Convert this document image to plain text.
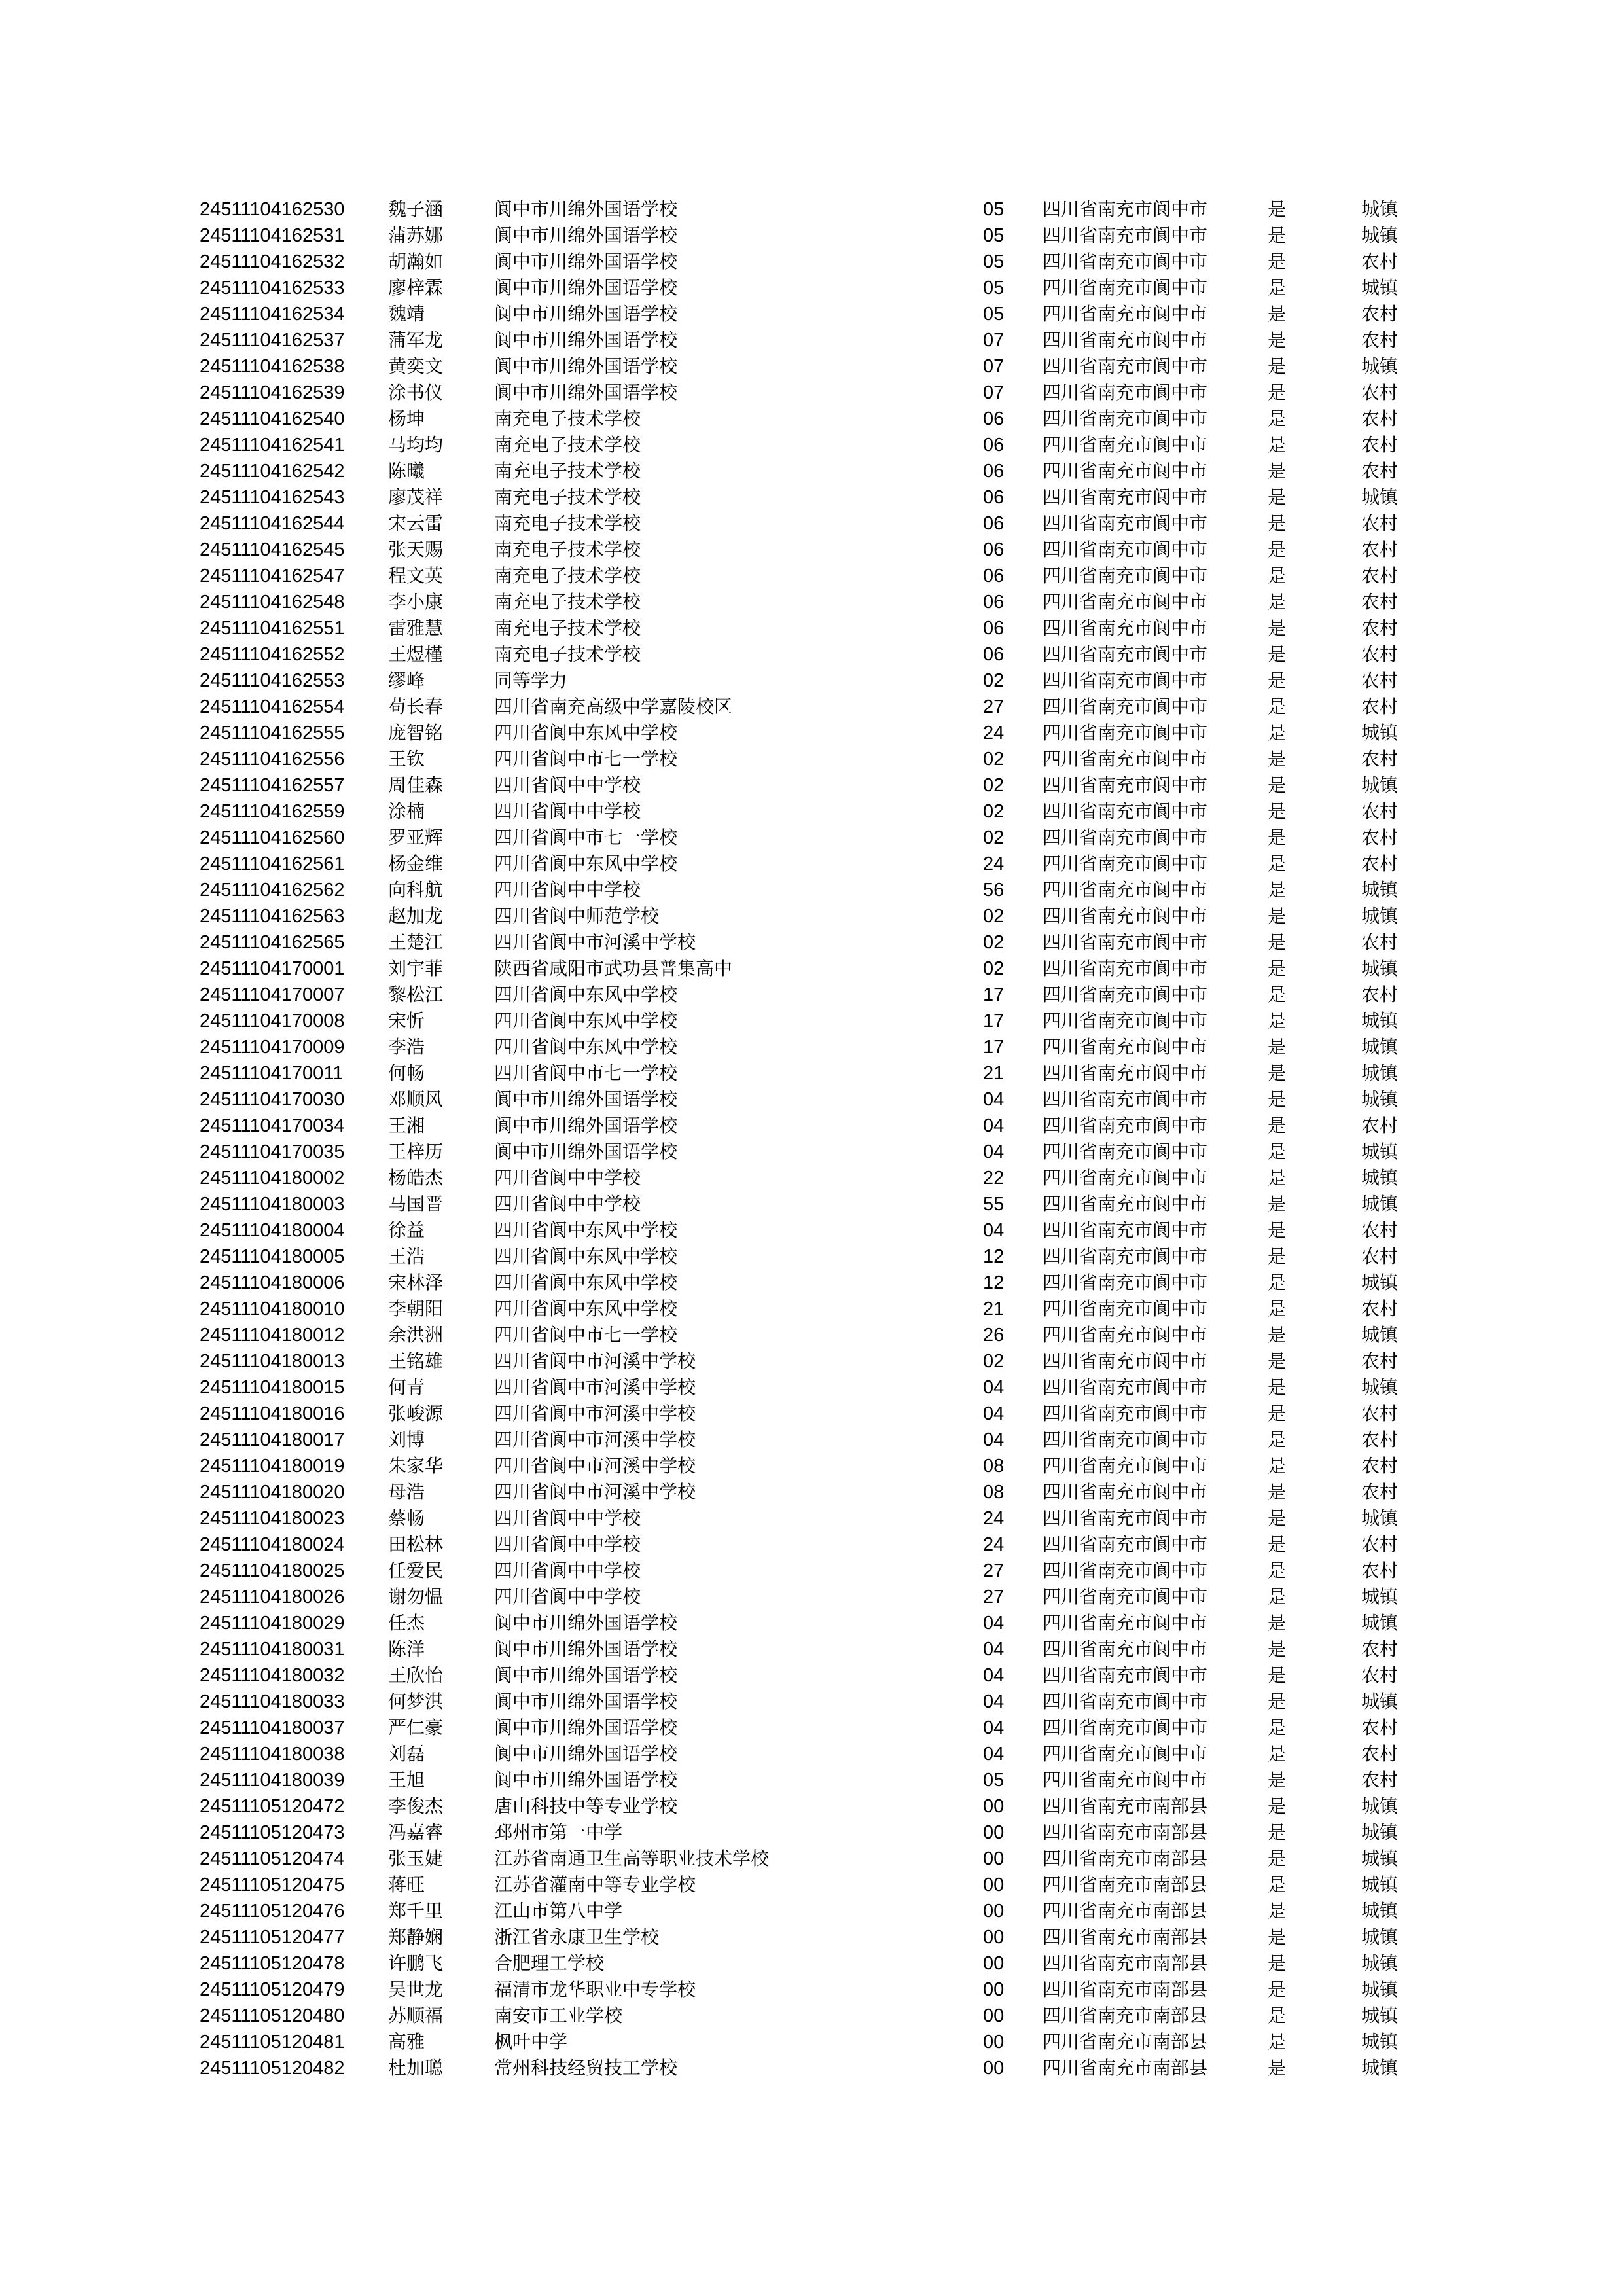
24511104162530 魏子涵	阆中市川绵外国语学校	05 四川省南充市阆中市	是	城镇
24511104162531 蒲苏娜	阆中市川绵外国语学校	05 四川省南充市阆中市	是	城镇
24511104162532 胡瀚如	阆中市川绵外国语学校	05 四川省南充市阆中市	是	农村
24511104162533 廖梓霖	阆中市川绵外国语学校	05 四川省南充市阆中市	是	城镇
24511104162534 魏靖	阆中市川绵外国语学校	05 四川省南充市阆中市	是	农村
24511104162537 蒲军龙	阆中市川绵外国语学校	07 四川省南充市阆中市	是	农村
24511104162538 黄奕文	阆中市川绵外国语学校	07 四川省南充市阆中市	是	城镇
24511104162539 涂书仪	阆中市川绵外国语学校	07 四川省南充市阆中市	是	农村
24511104162540 杨坤	南充电子技术学校	06 四川省南充市阆中市	是	农村
24511104162541 马均均	南充电子技术学校	06 四川省南充市阆中市	是	农村
24511104162542 陈曦	南充电子技术学校	06 四川省南充市阆中市	是	农村
24511104162543 廖茂祥	南充电子技术学校	06 四川省南充市阆中市	是	城镇
24511104162544 宋云雷	南充电子技术学校	06 四川省南充市阆中市	是	农村
24511104162545 张天赐	南充电子技术学校	06 四川省南充市阆中市	是	农村
24511104162547 程文英	南充电子技术学校	06 四川省南充市阆中市	是	农村
24511104162548 李小康	南充电子技术学校	06 四川省南充市阆中市	是	农村
24511104162551 雷雅慧	南充电子技术学校	06 四川省南充市阆中市	是	农村
24511104162552 王煜槿	南充电子技术学校	06 四川省南充市阆中市	是	农村
24511104162553 缪峰	同等学力	02 四川省南充市阆中市	是	农村
24511104162554 苟长春	四川省南充高级中学嘉陵校区	27 四川省南充市阆中市	是	农村
24511104162555 庞智铭	四川省阆中东风中学校	24 四川省南充市阆中市	是	城镇
24511104162556 王钦	四川省阆中市七一学校	02 四川省南充市阆中市	是	农村
24511104162557 周佳森	四川省阆中中学校	02 四川省南充市阆中市	是	城镇
24511104162559 涂楠	四川省阆中中学校	02 四川省南充市阆中市	是	农村
24511104162560 罗亚辉	四川省阆中市七一学校	02 四川省南充市阆中市	是	农村
24511104162561 杨金维	四川省阆中东风中学校	24 四川省南充市阆中市	是	农村
24511104162562 向科航	四川省阆中中学校	56 四川省南充市阆中市	是	城镇
24511104162563 赵加龙	四川省阆中师范学校	02 四川省南充市阆中市	是	城镇
24511104162565 王楚江	四川省阆中市河溪中学校	02 四川省南充市阆中市	是	农村
24511104170001 刘宇菲	陕西省咸阳市武功县普集高中	02 四川省南充市阆中市	是	城镇
24511104170007 黎松江	四川省阆中东风中学校	17 四川省南充市阆中市	是	农村
24511104170008 宋忻	四川省阆中东风中学校	17 四川省南充市阆中市	是	城镇
24511104170009 李浩	四川省阆中东风中学校	17 四川省南充市阆中市	是	城镇
24511104170011 何畅	四川省阆中市七一学校	21 四川省南充市阆中市	是	城镇
24511104170030 邓顺风	阆中市川绵外国语学校	04 四川省南充市阆中市	是	城镇
24511104170034 王湘	阆中市川绵外国语学校	04 四川省南充市阆中市	是	农村
24511104170035 王梓历	阆中市川绵外国语学校	04 四川省南充市阆中市	是	城镇
24511104180002 杨皓杰	四川省阆中中学校	22 四川省南充市阆中市	是	城镇
24511104180003 马国晋	四川省阆中中学校	55 四川省南充市阆中市	是	城镇
24511104180004 徐益	四川省阆中东风中学校	04 四川省南充市阆中市	是	农村
24511104180005 王浩	四川省阆中东风中学校	12 四川省南充市阆中市	是	农村
24511104180006 宋林泽	四川省阆中东风中学校	12 四川省南充市阆中市	是	城镇
24511104180010 李朝阳	四川省阆中东风中学校	21 四川省南充市阆中市	是	农村
24511104180012 余洪洲	四川省阆中市七一学校	26 四川省南充市阆中市	是	城镇
24511104180013 王铭雄	四川省阆中市河溪中学校	02 四川省南充市阆中市	是	农村
24511104180015 何青	四川省阆中市河溪中学校	04 四川省南充市阆中市	是	城镇
24511104180016 张峻源	四川省阆中市河溪中学校	04 四川省南充市阆中市	是	农村
24511104180017 刘博	四川省阆中市河溪中学校	04 四川省南充市阆中市	是	农村
24511104180019 朱家华	四川省阆中市河溪中学校	08 四川省南充市阆中市	是	农村
24511104180020 母浩	四川省阆中市河溪中学校	08 四川省南充市阆中市	是	农村
24511104180023 蔡畅	四川省阆中中学校	24 四川省南充市阆中市	是	城镇
24511104180024 田松林	四川省阆中中学校	24 四川省南充市阆中市	是	农村
24511104180025 任爱民	四川省阆中中学校	27 四川省南充市阆中市	是	农村
24511104180026 谢勿愠	四川省阆中中学校	27 四川省南充市阆中市	是	城镇
24511104180029 任杰	阆中市川绵外国语学校	04 四川省南充市阆中市	是	城镇
24511104180031 陈洋	阆中市川绵外国语学校	04 四川省南充市阆中市	是	农村
24511104180032 王欣怡	阆中市川绵外国语学校	04 四川省南充市阆中市	是	农村
24511104180033 何梦淇	阆中市川绵外国语学校	04 四川省南充市阆中市	是	城镇
24511104180037 严仁豪	阆中市川绵外国语学校	04 四川省南充市阆中市	是	农村
24511104180038 刘磊	阆中市川绵外国语学校	04 四川省南充市阆中市	是	农村
24511104180039 王旭	阆中市川绵外国语学校	05 四川省南充市阆中市	是	农村
24511105120472 李俊杰	唐山科技中等专业学校	00 四川省南充市南部县	是	城镇
24511105120473 冯嘉睿	邳州市第一中学	00 四川省南充市南部县	是	城镇
24511105120474 张玉婕	江苏省南通卫生高等职业技术学校	00 四川省南充市南部县	是	城镇
24511105120475 蒋旺	江苏省灌南中等专业学校	00 四川省南充市南部县	是	城镇
24511105120476 郑千里	江山市第八中学	00 四川省南充市南部县	是	城镇
24511105120477 郑静娴	浙江省永康卫生学校	00 四川省南充市南部县	是	城镇
24511105120478 许鹏飞	合肥理工学校	00 四川省南充市南部县	是	城镇
24511105120479 吴世龙	福清市龙华职业中专学校	00 四川省南充市南部县	是	城镇
24511105120480 苏顺福	南安市工业学校	00 四川省南充市南部县	是	城镇
24511105120481 高雅	枫叶中学	00 四川省南充市南部县	是	城镇
24511105120482 杜加聪	常州科技经贸技工学校	00 四川省南充市南部县	是	城镇
